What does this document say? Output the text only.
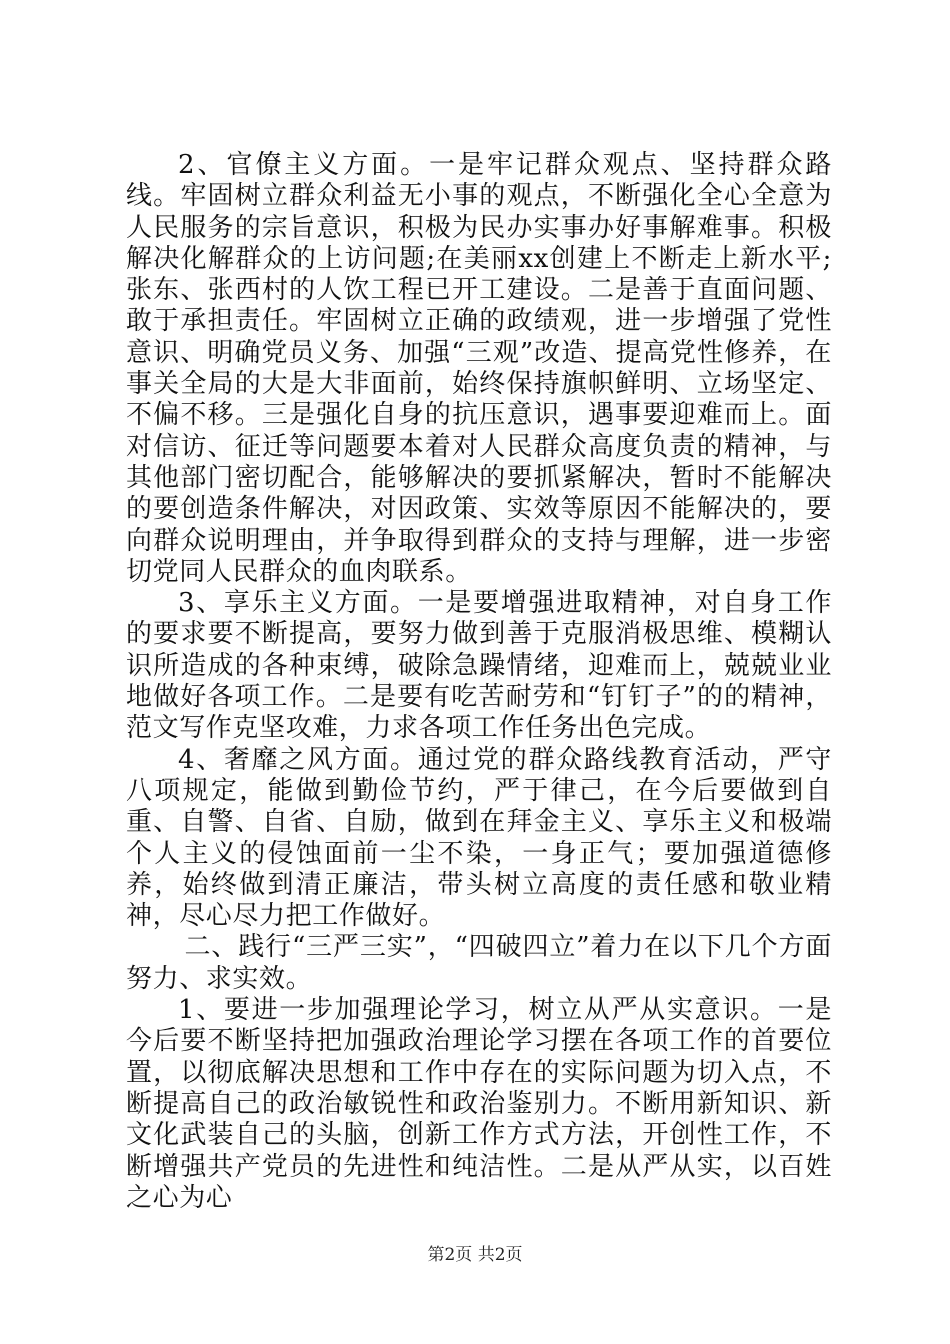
2、官僚主义方面。一是牢记群众观点、坚持群众路线。牢固树立群众利益无小事的观点，不断强化全心全意为人民服务的宗旨意识，积极为民办实事办好事解难事。积极解决化解群众的上访问题;在美丽xx创建上不断走上新水平;张东、张西村的人饮工程已开工建设。二是善于直面问题、敢于承担责任。牢固树立正确的政绩观，进一步增强了党性意识、明确党员义务、加强“三观”改造、提高党性修养，在事关全局的大是大非面前，始终保持旗帜鲜明、立场坚定、不偏不移。三是强化自身的抗压意识，遇事要迎难而上。面对信访、征迁等问题要本着对人民群众高度负责的精神，与其他部门密切配合，能够解决的要抓紧解决，暂时不能解决的要创造条件解决，对因政策、实效等原因不能解决的，要向群众说明理由，并争取得到群众的支持与理解，进一步密切党同人民群众的血肉联系。

3、享乐主义方面。一是要增强进取精神，对自身工作的要求要不断提高，要努力做到善于克服消极思维、模糊认识所造成的各种束缚，破除急躁情绪，迎难而上，兢兢业业地做好各项工作。二是要有吃苦耐劳和“钉钉子”的的精神，范文写作克坚攻难，力求各项工作任务出色完成。

4、奢靡之风方面。通过党的群众路线教育活动，严守八项规定，能做到勤俭节约，严于律己，在今后要做到自重、自警、自省、自励，做到在拜金主义、享乐主义和极端个人主义的侵蚀面前一尘不染，一身正气；要加强道德修养，始终做到清正廉洁，带头树立高度的责任感和敬业精神，尽心尽力把工作做好。

二、践行“三严三实”，“四破四立”着力在以下几个方面努力、求实效。

1、要进一步加强理论学习，树立从严从实意识。一是今后要不断坚持把加强政治理论学习摆在各项工作的首要位置，以彻底解决思想和工作中存在的实际问题为切入点，不断提高自己的政治敏锐性和政治鉴别力。不断用新知识、新文化武装自己的头脑，创新工作方式方法，开创性工作，不断增强共产党员的先进性和纯洁性。二是从严从实，以百姓之心为心

第2页 共2页
